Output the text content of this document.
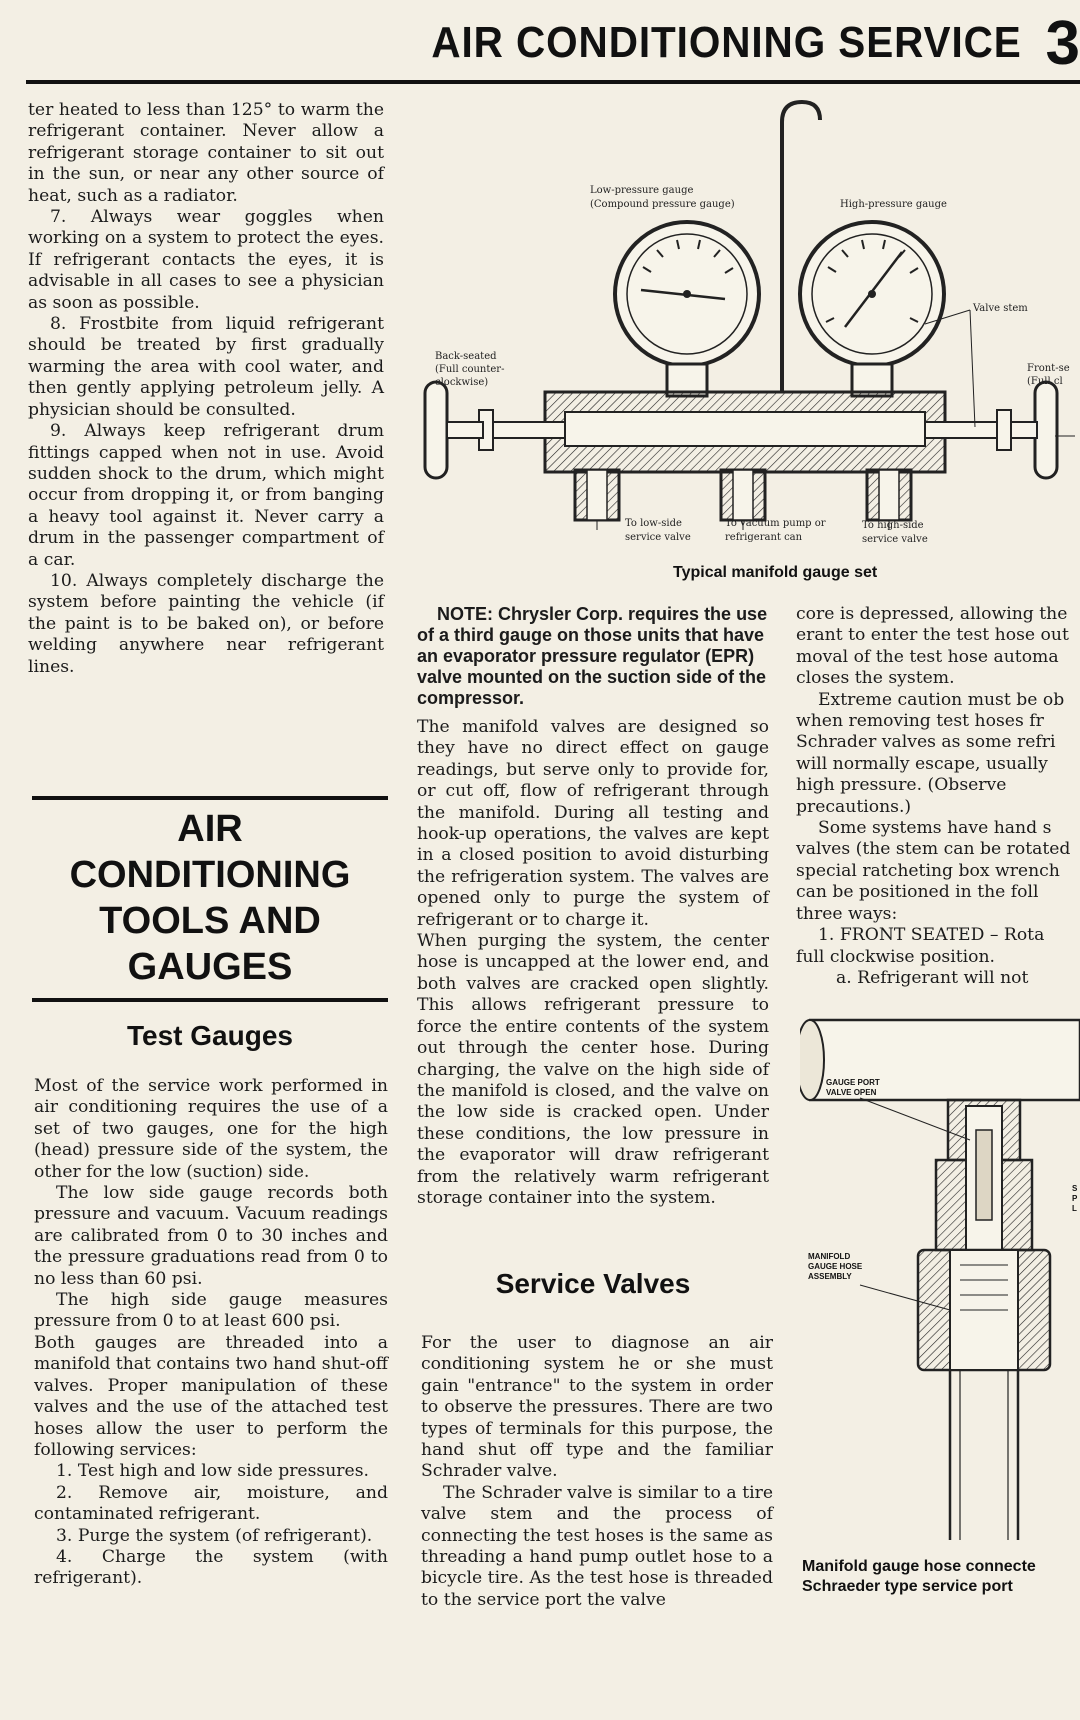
AIR CONDITIONING SERVICE 3

ter heated to less than 125° to warm the refrigerant container. Never allow a refrigerant storage container to sit out in the sun, or near any other source of heat, such as a radiator.

7. Always wear goggles when working on a system to protect the eyes. If refrigerant contacts the eyes, it is advisable in all cases to see a physician as soon as possible.

8. Frostbite from liquid refrigerant should be treated by first gradually warming the area with cool water, and then gently applying petroleum jelly. A physician should be consulted.

9. Always keep refrigerant drum fittings capped when not in use. Avoid sudden shock to the drum, which might occur from dropping it, or from banging a heavy tool against it. Never carry a drum in the passenger compartment of a car.

10. Always completely discharge the system before painting the vehicle (if the paint is to be baked on), or before welding anywhere near refrigerant lines.

AIR
CONDITIONING
TOOLS AND
GAUGES
Test Gauges

Most of the service work performed in air conditioning requires the use of a set of two gauges, one for the high (head) pressure side of the system, the other for the low (suction) side.

The low side gauge records both pressure and vacuum. Vacuum readings are calibrated from 0 to 30 inches and the pressure graduations read from 0 to no less than 60 psi.

The high side gauge measures pressure from 0 to at least 600 psi.

Both gauges are threaded into a manifold that contains two hand shut-off valves. Proper manipulation of these valves and the use of the attached test hoses allow the user to perform the following services:

1. Test high and low side pressures.

2. Remove air, moisture, and contaminated refrigerant.

3. Purge the system (of refrigerant).

4. Charge the system (with refrigerant).

Low-pressure gauge
(Compound pressure gauge)	High-pressure gauge
Valve stem
Back-seated
(Full counter-
clockwise)
Front-se
(Full cl
To low-side
service valve
To vacuum pump or
refrigerant can
To high-side
service valve
Typical manifold gauge set

NOTE: Chrysler Corp. requires the use of a third gauge on those units that have an evaporator pressure regulator (EPR) valve mounted on the suction side of the compressor.

The manifold valves are designed so they have no direct effect on gauge readings, but serve only to provide for, or cut off, flow of refrigerant through the manifold. During all testing and hook-up operations, the valves are kept in a closed position to avoid disturbing the refrigeration system. The valves are opened only to purge the system of refrigerant or to charge it.

When purging the system, the center hose is uncapped at the lower end, and both valves are cracked open slightly. This allows refrigerant pressure to force the entire contents of the system out through the center hose. During charging, the valve on the high side of the manifold is closed, and the valve on the low side is cracked open. Under these conditions, the low pressure in the evaporator will draw refrigerant from the relatively warm refrigerant storage container into the system.

Service Valves

For the user to diagnose an air conditioning system he or she must gain "entrance" to the system in order to observe the pressures. There are two types of terminals for this purpose, the hand shut off type and the familiar Schrader valve.

The Schrader valve is similar to a tire valve stem and the process of connecting the test hoses is the same as threading a hand pump outlet hose to a bicycle tire. As the test hose is threaded to the service port the valve

core is depressed, allowing the

erant to enter the test hose out

moval of the test hose automa

closes the system.

Extreme caution must be ob

when removing test hoses fr

Schrader valves as some refri

will normally escape, usually

high pressure. (Observe

precautions.)

Some systems have hand s

valves (the stem can be rotated

special ratcheting box wrench

can be positioned in the foll

three ways:

1. FRONT SEATED – Rota

full clockwise position.

a. Refrigerant will not

GAUGE PORT
VALVE OPEN
MANIFOLD
GAUGE HOSE
ASSEMBLY
S
P
L
Manifold gauge hose connecte
Schraeder type service port
